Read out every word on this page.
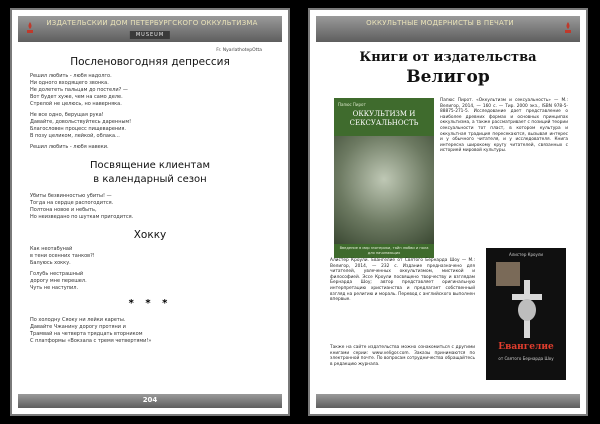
ИЗДАТЕЛЬСКИЙ ДОМ ПЕТЕРБУРГСКОГО ОККУЛЬТИЗМА
MUSEUM
Fr. NyarlathotepOtta
Посленовогодняя депрессия
Решил любить - любя надолго.
Ни одного входящего звонка.
Не долететь пальцам до постели? —
Вот будет хуже, чем на само деле.
Стрелой не целюсь, но наверняка.
Не все одно, берущая рука!
Давайте, довольствуйтесь даренным!
Благословен процесс пищеварения.
В позу целиком, лейкой, облака...
Решил любить - любя навеки.
Посвящение клиентам
в календарный сезон
Убиты безвинностью убиты! —
Тогда на сердце распогодится.
Полтона новое и небыть,
Но неизведано по шуткам пригодится.
Хокку
Как неотабунай
в тени осенних танков?!
Балуюсь хокку.
Голубь нестрашный
дорогу мне перешел.
Чуть не наступил.
* * *
По холодну Сяоку ни лейки кареты.
Давайте Чжанину дорогу протяни и
Трамвай на четверта трядцать вторником
С платформы «Вокзала с тремя четвертями!»
204
ОККУЛЬТНЫЕ МОДЕРНИСТЫ В ПЕЧАТИ
Книги от издательства
Велигор
Папюс Пирот
ОККУЛЬТИЗМ И СЕКСУАЛЬНОСТЬ
Введение в мир эзотерики, тайн любви и пола для начинающих
Папюс Пирот. «Оккультизм и сексуальность» — М.: Велигор, 2014, — 160 с. — Тир. 2000 экз., ISBN 978-5-88875-271-5. Исследование дает представление о наиболее древних формах и основных принципах оккультизма, а также рассматривает с позиций теории сексуальности тот пласт, в котором культура и оккультная традиция пересекаются, вызывая интерес и у обычного читателя, и у исследователя. Книга интересна широкому кругу читателей, связанных с историей мировой культуры.
Алистер Кроули. Евангелие от Святого Бернарда Шоу — М.: Велигор, 2014, — 232 с. Издание предназначено для читателей, увлеченных оккультизмом, мистикой и философией. Эссе Кроули посвящено творчеству и взглядам Бернарда Шоу; автор представляет оригинальную интерпретацию христианства и предлагает собственный взгляд на религию и мораль. Перевод с английского выполнен впервые.
Также на сайте издательства можно ознакомиться с другими книгами серии: www.veligor.com. Заказы принимаются по электронной почте. По вопросам сотрудничества обращайтесь в редакцию журнала.
Алистер Кроули
Евангелие
от Святого Бернарда Шоу
